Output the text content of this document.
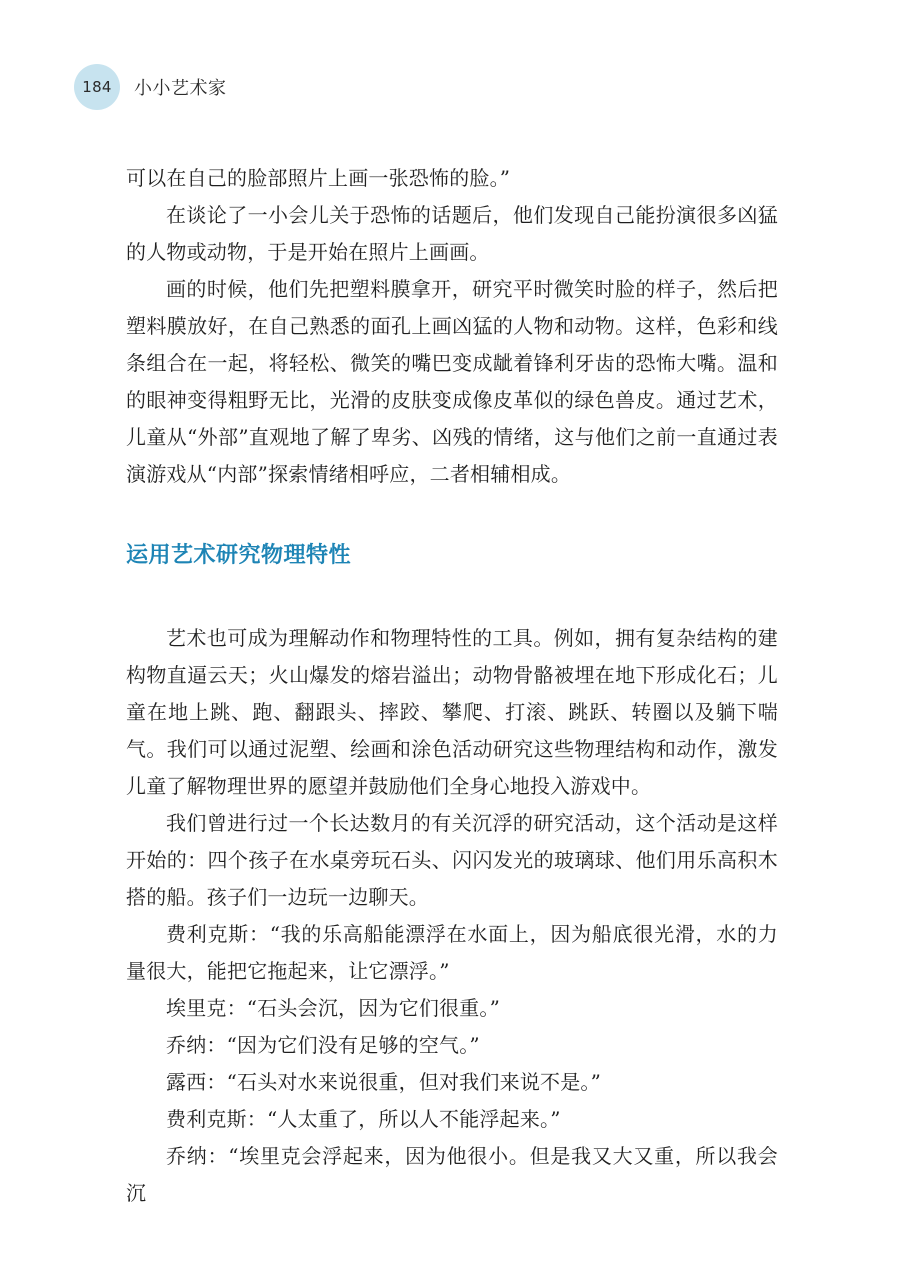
184	小小艺术家

可以在自己的脸部照片上画一张恐怖的脸。”

在谈论了一小会儿关于恐怖的话题后，他们发现自己能扮演很多凶猛的人物或动物，于是开始在照片上画画。

画的时候，他们先把塑料膜拿开，研究平时微笑时脸的样子，然后把塑料膜放好，在自己熟悉的面孔上画凶猛的人物和动物。这样，色彩和线条组合在一起，将轻松、微笑的嘴巴变成龇着锋利牙齿的恐怖大嘴。温和的眼神变得粗野无比，光滑的皮肤变成像皮革似的绿色兽皮。通过艺术，儿童从“外部”直观地了解了卑劣、凶残的情绪，这与他们之前一直通过表演游戏从“内部”探索情绪相呼应，二者相辅相成。

运用艺术研究物理特性

艺术也可成为理解动作和物理特性的工具。例如，拥有复杂结构的建构物直逼云天；火山爆发的熔岩溢出；动物骨骼被埋在地下形成化石；儿童在地上跳、跑、翻跟头、摔跤、攀爬、打滚、跳跃、转圈以及躺下喘气。我们可以通过泥塑、绘画和涂色活动研究这些物理结构和动作，激发儿童了解物理世界的愿望并鼓励他们全身心地投入游戏中。

我们曾进行过一个长达数月的有关沉浮的研究活动，这个活动是这样开始的：四个孩子在水桌旁玩石头、闪闪发光的玻璃球、他们用乐高积木搭的船。孩子们一边玩一边聊天。

费利克斯：“我的乐高船能漂浮在水面上，因为船底很光滑，水的力量很大，能把它拖起来，让它漂浮。”

埃里克：“石头会沉，因为它们很重。”

乔纳：“因为它们没有足够的空气。”

露西：“石头对水来说很重，但对我们来说不是。”

费利克斯：“人太重了，所以人不能浮起来。”

乔纳：“埃里克会浮起来，因为他很小。但是我又大又重，所以我会沉
